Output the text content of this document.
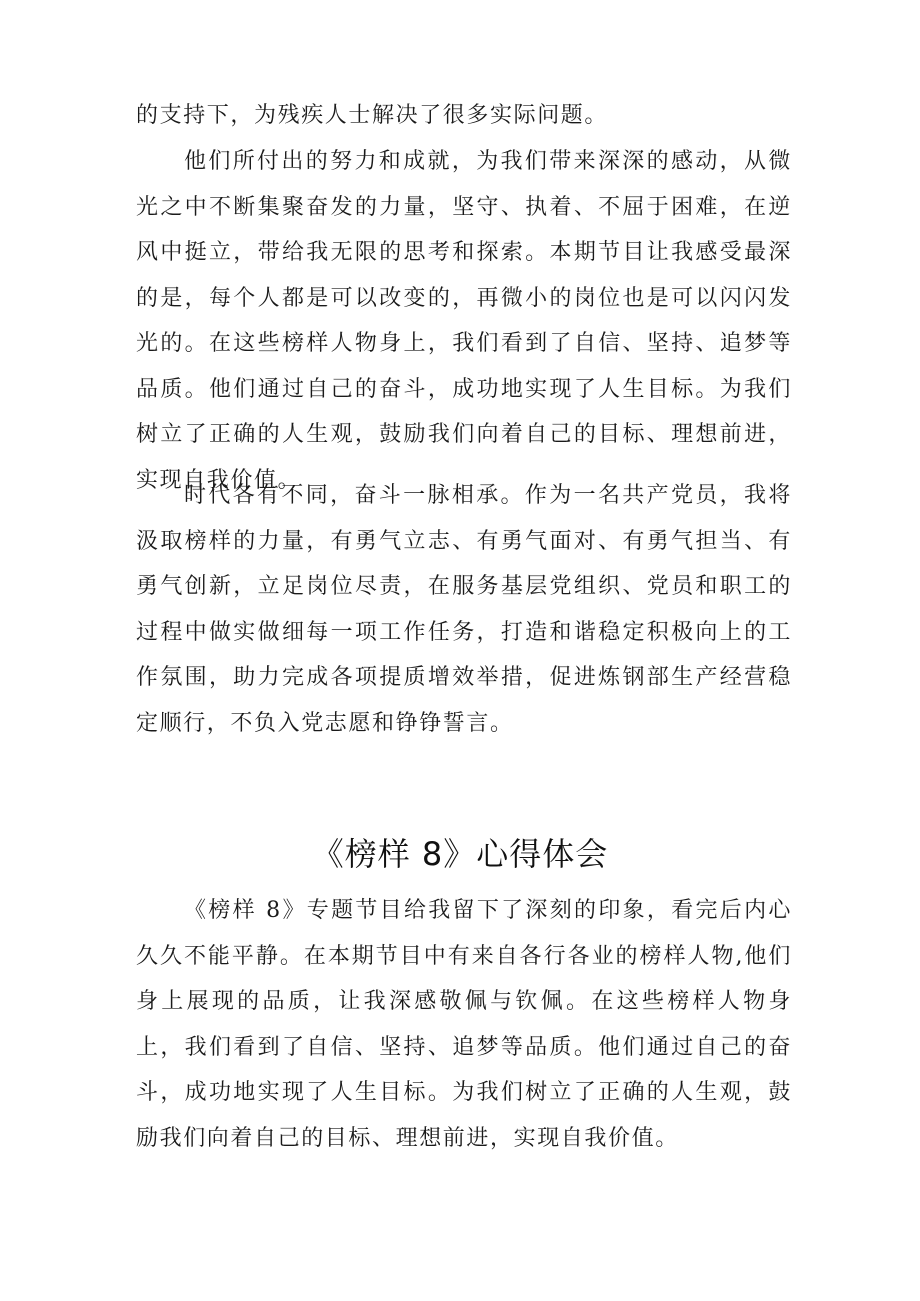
的支持下，为残疾人士解决了很多实际问题。

他们所付出的努力和成就，为我们带来深深的感动，从微光之中不断集聚奋发的力量，坚守、执着、不屈于困难，在逆风中挺立，带给我无限的思考和探索。本期节目让我感受最深的是，每个人都是可以改变的，再微小的岗位也是可以闪闪发光的。在这些榜样人物身上，我们看到了自信、坚持、追梦等品质。他们通过自己的奋斗，成功地实现了人生目标。为我们树立了正确的人生观，鼓励我们向着自己的目标、理想前进，实现自我价值。

时代各有不同，奋斗一脉相承。作为一名共产党员，我将汲取榜样的力量，有勇气立志、有勇气面对、有勇气担当、有勇气创新，立足岗位尽责，在服务基层党组织、党员和职工的过程中做实做细每一项工作任务，打造和谐稳定积极向上的工作氛围，助力完成各项提质增效举措，促进炼钢部生产经营稳定顺行，不负入党志愿和铮铮誓言。

《榜样 8》心得体会

《榜样 8》专题节目给我留下了深刻的印象，看完后内心久久不能平静。在本期节目中有来自各行各业的榜样人物,他们身上展现的品质，让我深感敬佩与钦佩。在这些榜样人物身上，我们看到了自信、坚持、追梦等品质。他们通过自己的奋斗，成功地实现了人生目标。为我们树立了正确的人生观，鼓励我们向着自己的目标、理想前进，实现自我价值。
